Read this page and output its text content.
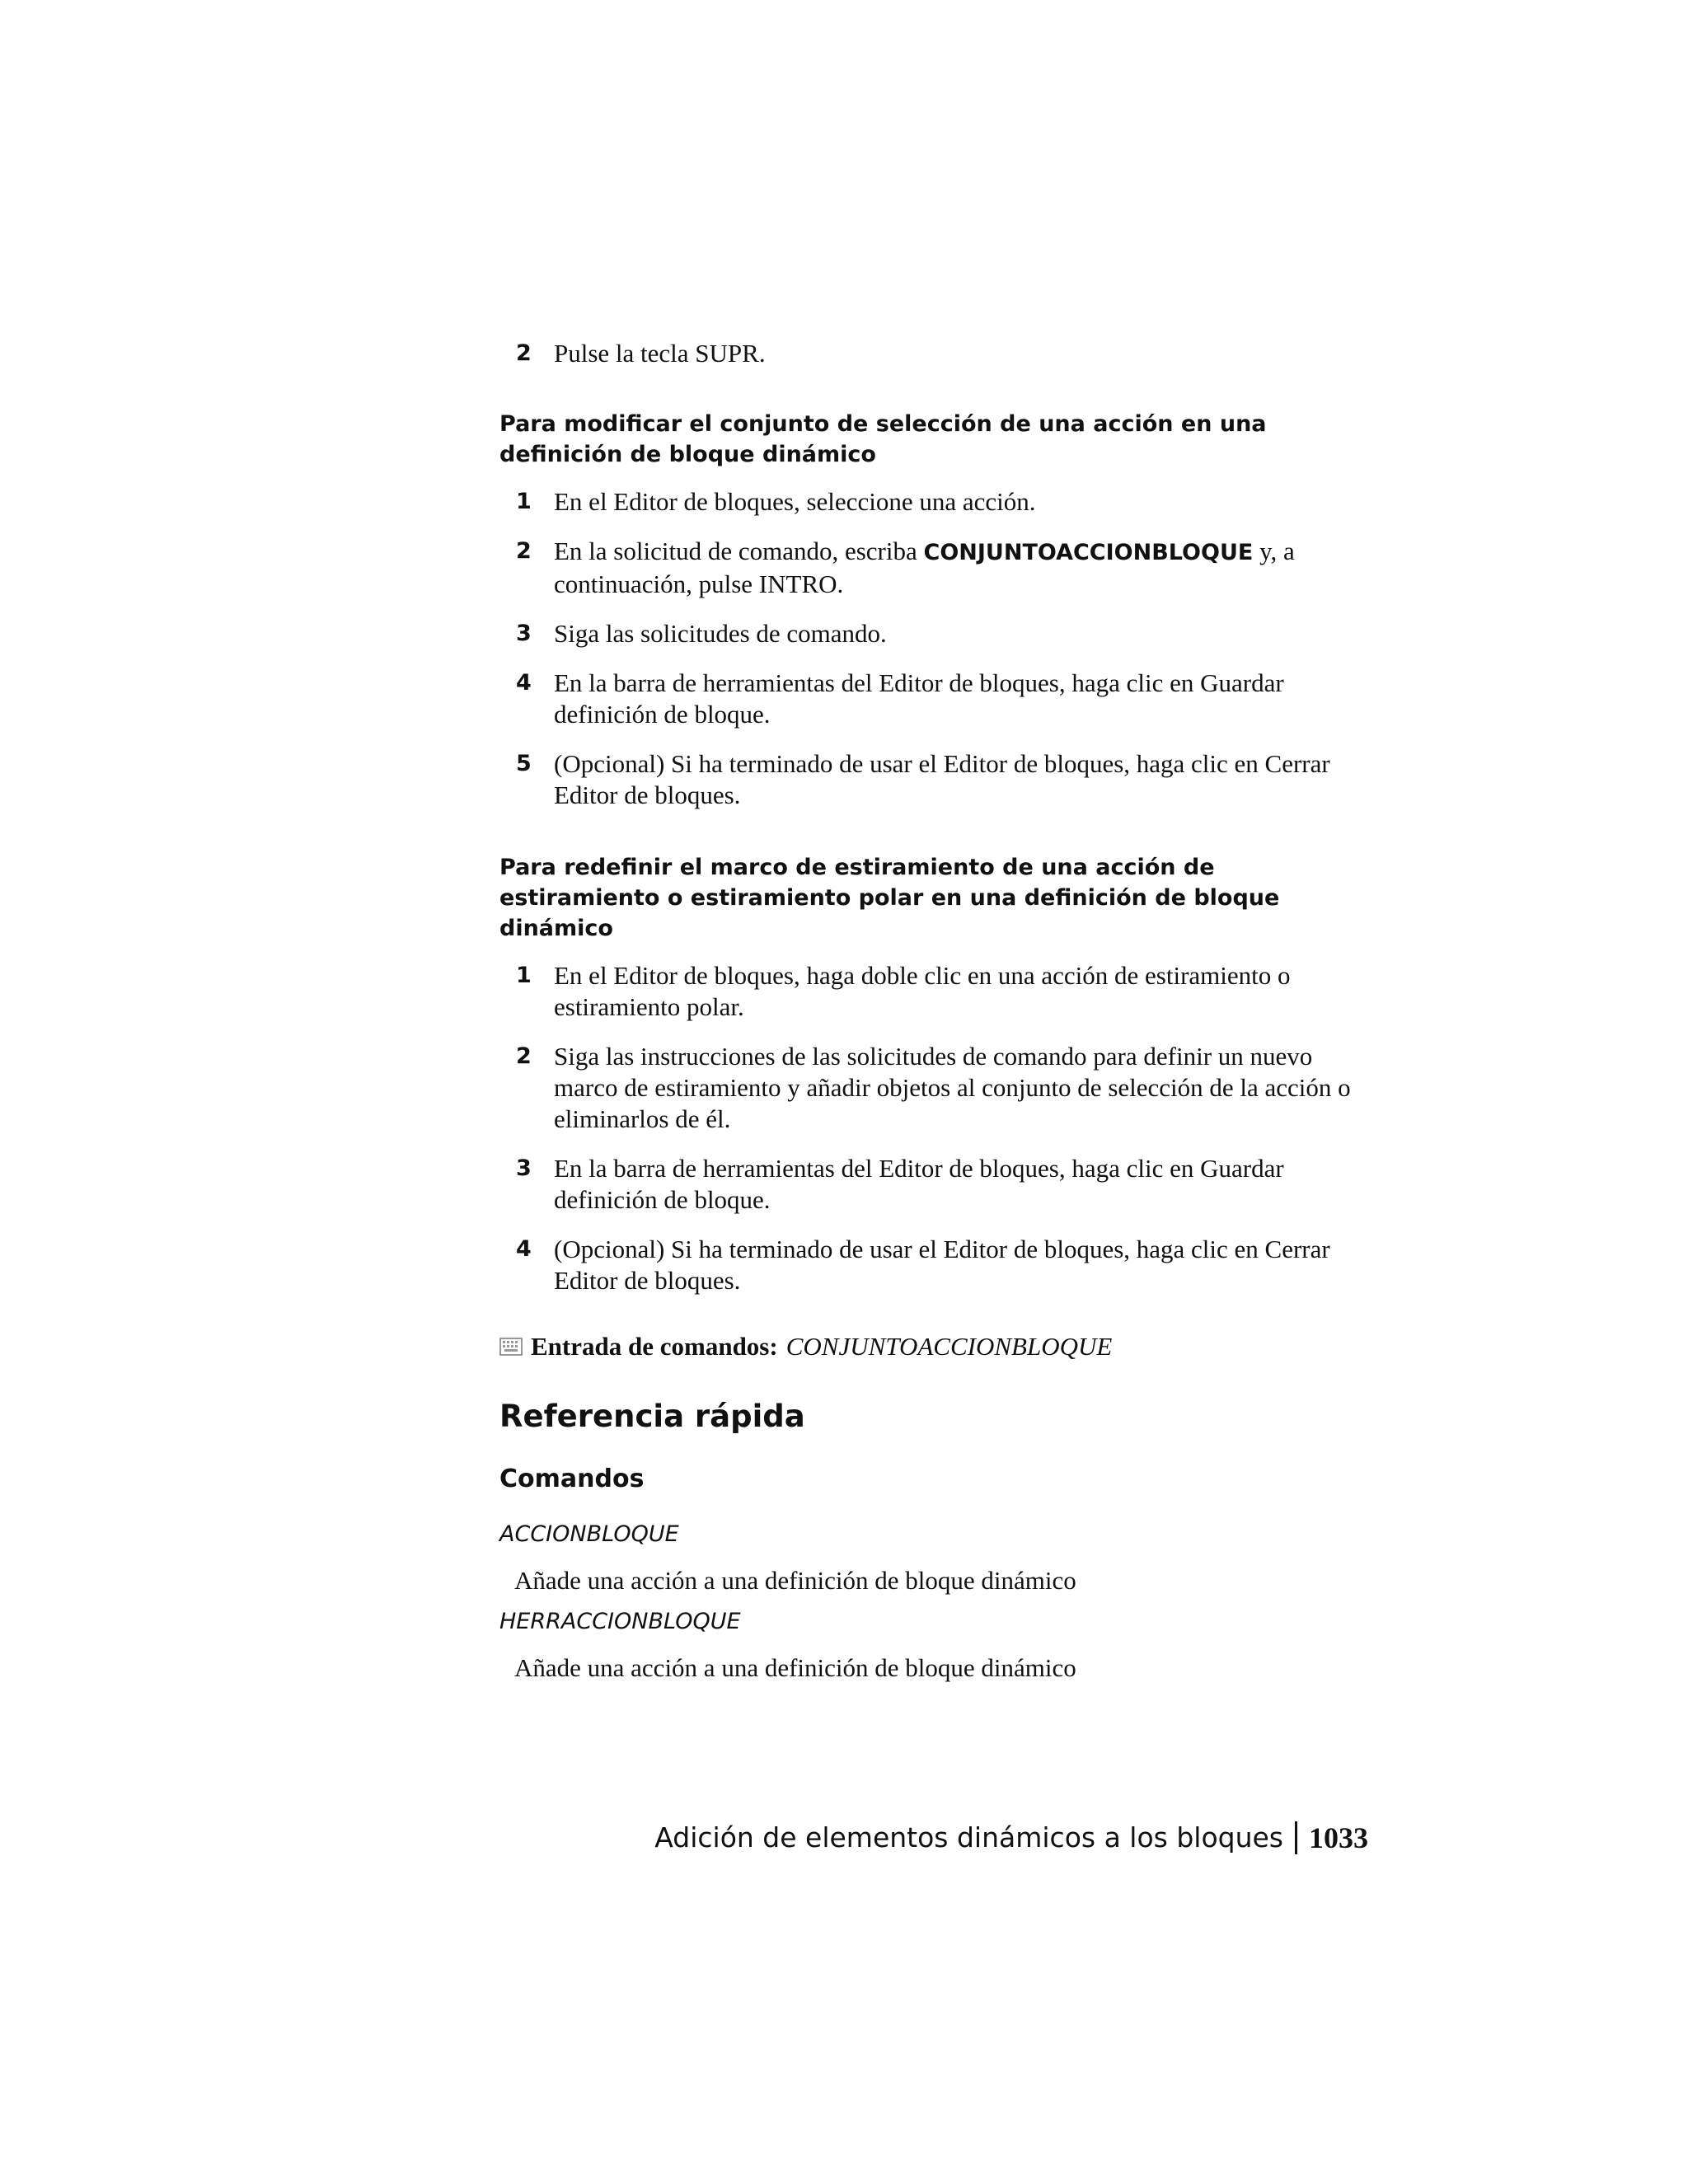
2 Pulse la tecla SUPR.

Para modificar el conjunto de selección de una acción en una definición de bloque dinámico

1 En el Editor de bloques, seleccione una acción.

2 En la solicitud de comando, escriba CONJUNTOACCIONBLOQUE y, a continuación, pulse INTRO.

3 Siga las solicitudes de comando.

4 En la barra de herramientas del Editor de bloques, haga clic en Guardar definición de bloque.

5 (Opcional) Si ha terminado de usar el Editor de bloques, haga clic en Cerrar Editor de bloques.

Para redefinir el marco de estiramiento de una acción de estiramiento o estiramiento polar en una definición de bloque dinámico

1 En el Editor de bloques, haga doble clic en una acción de estiramiento o estiramiento polar.

2 Siga las instrucciones de las solicitudes de comando para definir un nuevo marco de estiramiento y añadir objetos al conjunto de selección de la acción o eliminarlos de él.

3 En la barra de herramientas del Editor de bloques, haga clic en Guardar definición de bloque.

4 (Opcional) Si ha terminado de usar el Editor de bloques, haga clic en Cerrar Editor de bloques.

Entrada de comandos: CONJUNTOACCIONBLOQUE

Referencia rápida

Comandos

ACCIONBLOQUE

Añade una acción a una definición de bloque dinámico

HERRACCIONBLOQUE

Añade una acción a una definición de bloque dinámico

Adición de elementos dinámicos a los bloques 1033
